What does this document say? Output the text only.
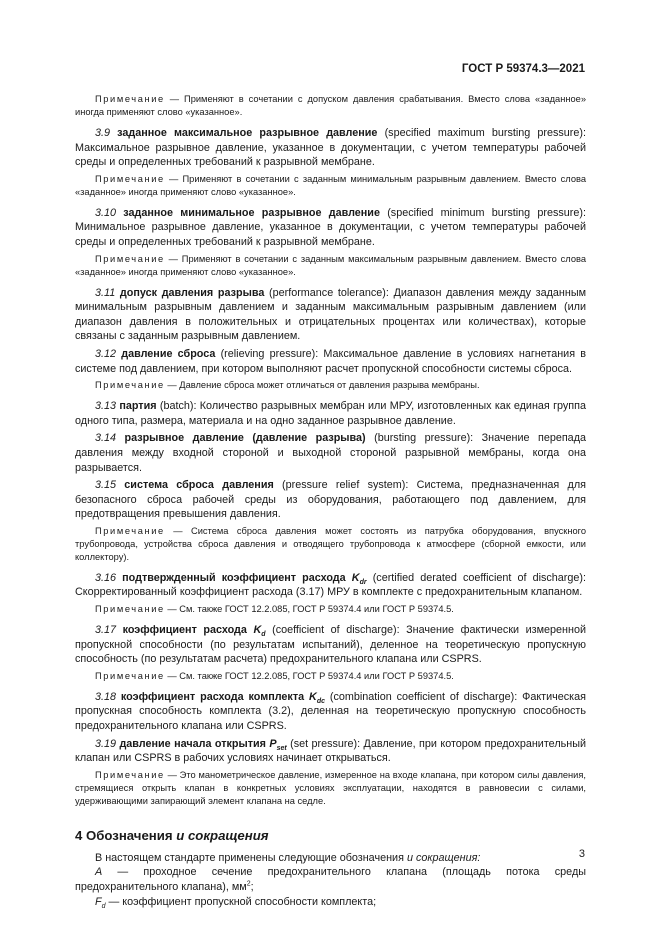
ГОСТ Р 59374.3—2021

Примечание — Применяют в сочетании с допуском давления срабатывания. Вместо слова «заданное» иногда применяют слово «указанное».

3.9 заданное максимальное разрывное давление (specified maximum bursting pressure): Максимальное разрывное давление, указанное в документации, с учетом температуры рабочей среды и определенных требований к разрывной мембране.

Примечание — Применяют в сочетании с заданным минимальным разрывным давлением. Вместо слова «заданное» иногда применяют слово «указанное».

3.10 заданное минимальное разрывное давление (specified minimum bursting pressure): Минимальное разрывное давление, указанное в документации, с учетом температуры рабочей среды и определенных требований к разрывной мембране.

Примечание — Применяют в сочетании с заданным максимальным разрывным давлением. Вместо слова «заданное» иногда применяют слово «указанное».

3.11 допуск давления разрыва (performance tolerance): Диапазон давления между заданным минимальным разрывным давлением и заданным максимальным разрывным давлением (или диапазон давления в положительных и отрицательных процентах или количествах), которые связаны с заданным разрывным давлением.

3.12 давление сброса (relieving pressure): Максимальное давление в условиях нагнетания в системе под давлением, при котором выполняют расчет пропускной способности системы сброса.

Примечание — Давление сброса может отличаться от давления разрыва мембраны.

3.13 партия (batch): Количество разрывных мембран или МРУ, изготовленных как единая группа одного типа, размера, материала и на одно заданное разрывное давление.

3.14 разрывное давление (давление разрыва) (bursting pressure): Значение перепада давления между входной стороной и выходной стороной разрывной мембраны, когда она разрывается.

3.15 система сброса давления (pressure relief system): Система, предназначенная для безопасного сброса рабочей среды из оборудования, работающего под давлением, для предотвращения превышения давления.

Примечание — Система сброса давления может состоять из патрубка оборудования, впускного трубопровода, устройства сброса давления и отводящего трубопровода к атмосфере (сборной емкости, или коллектору).

3.16 подтвержденный коэффициент расхода $K_{dr}$ (certified derated coefficient of discharge): Скорректированный коэффициент расхода (3.17) МРУ в комплекте с предохранительным клапаном.

Примечание — См. также ГОСТ 12.2.085, ГОСТ Р 59374.4 или ГОСТ Р 59374.5.

3.17 коэффициент расхода $K_d$ (coefficient of discharge): Значение фактически измеренной пропускной способности (по результатам испытаний), деленное на теоретическую пропускную способность (по результатам расчета) предохранительного клапана или CSPRS.

Примечание — См. также ГОСТ 12.2.085, ГОСТ Р 59374.4 или ГОСТ Р 59374.5.

3.18 коэффициент расхода комплекта $K_{dc}$ (combination coefficient of discharge): Фактическая пропускная способность комплекта (3.2), деленная на теоретическую пропускную способность предохранительного клапана или CSPRS.

3.19 давление начала открытия $P_{set}$ (set pressure): Давление, при котором предохранительный клапан или CSPRS в рабочих условиях начинает открываться.

Примечание — Это манометрическое давление, измеренное на входе клапана, при котором силы давления, стремящиеся открыть клапан в конкретных условиях эксплуатации, находятся в равновесии с силами, удерживающими запирающий элемент клапана на седле.

4 Обозначения и сокращения

В настоящем стандарте применены следующие обозначения и сокращения:

A — проходное сечение предохранительного клапана (площадь потока среды предохранительного клапана), $мм^2$;

$F_d$ — коэффициент пропускной способности комплекта;

3
